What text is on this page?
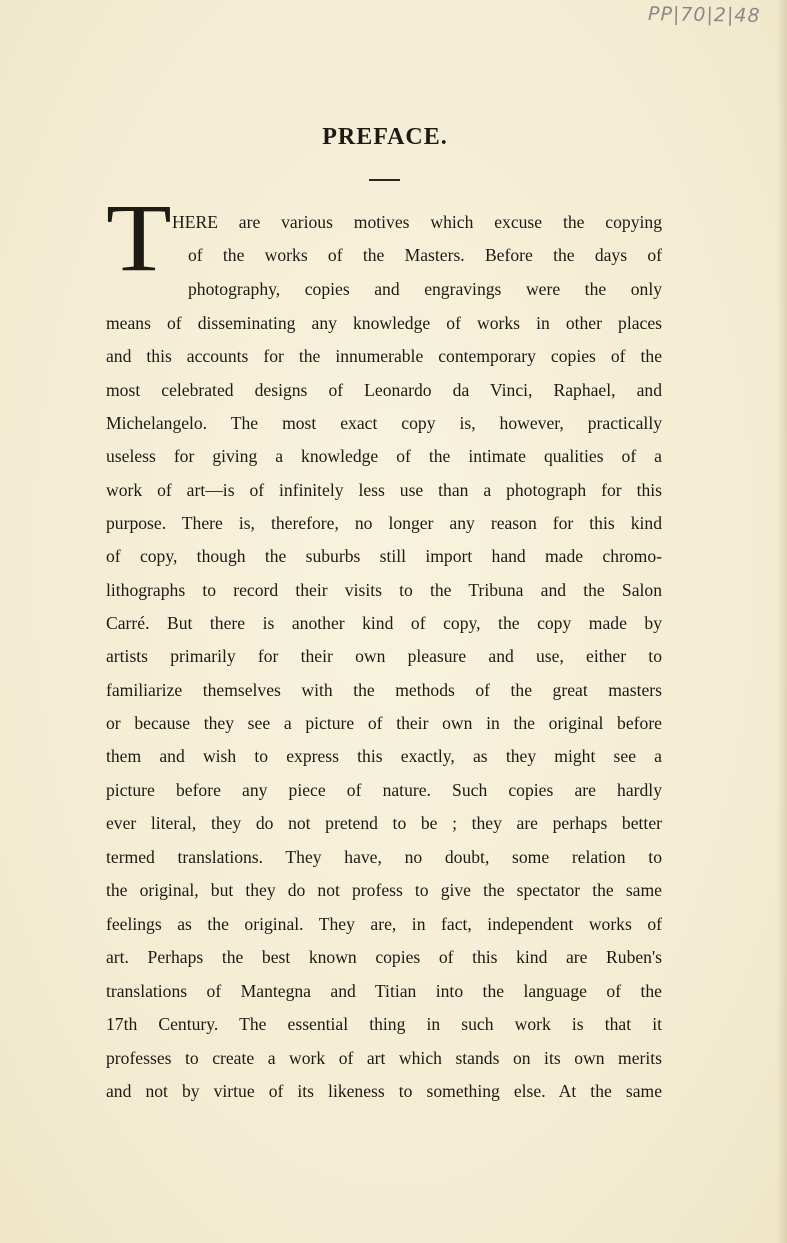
PP|70|2|48
PREFACE.
T HERE are various motives which excuse the copying
of the works of the Masters. Before the days of
photography, copies and engravings were the only
means of disseminating any knowledge of works in other places
and this accounts for the innumerable contemporary copies of the
most celebrated designs of Leonardo da Vinci, Raphael, and
Michelangelo. The most exact copy is, however, practically
useless for giving a knowledge of the intimate qualities of a
work of art—is of infinitely less use than a photograph for this
purpose. There is, therefore, no longer any reason for this kind
of copy, though the suburbs still import hand made chromo-
lithographs to record their visits to the Tribuna and the Salon
Carré. But there is another kind of copy, the copy made by
artists primarily for their own pleasure and use, either to
familiarize themselves with the methods of the great masters
or because they see a picture of their own in the original before
them and wish to express this exactly, as they might see a
picture before any piece of nature. Such copies are hardly
ever literal, they do not pretend to be ; they are perhaps better
termed translations. They have, no doubt, some relation to
the original, but they do not profess to give the spectator the same
feelings as the original. They are, in fact, independent works of
art. Perhaps the best known copies of this kind are Ruben's
translations of Mantegna and Titian into the language of the
17th Century. The essential thing in such work is that it
professes to create a work of art which stands on its own merits
and not by virtue of its likeness to something else. At the same
